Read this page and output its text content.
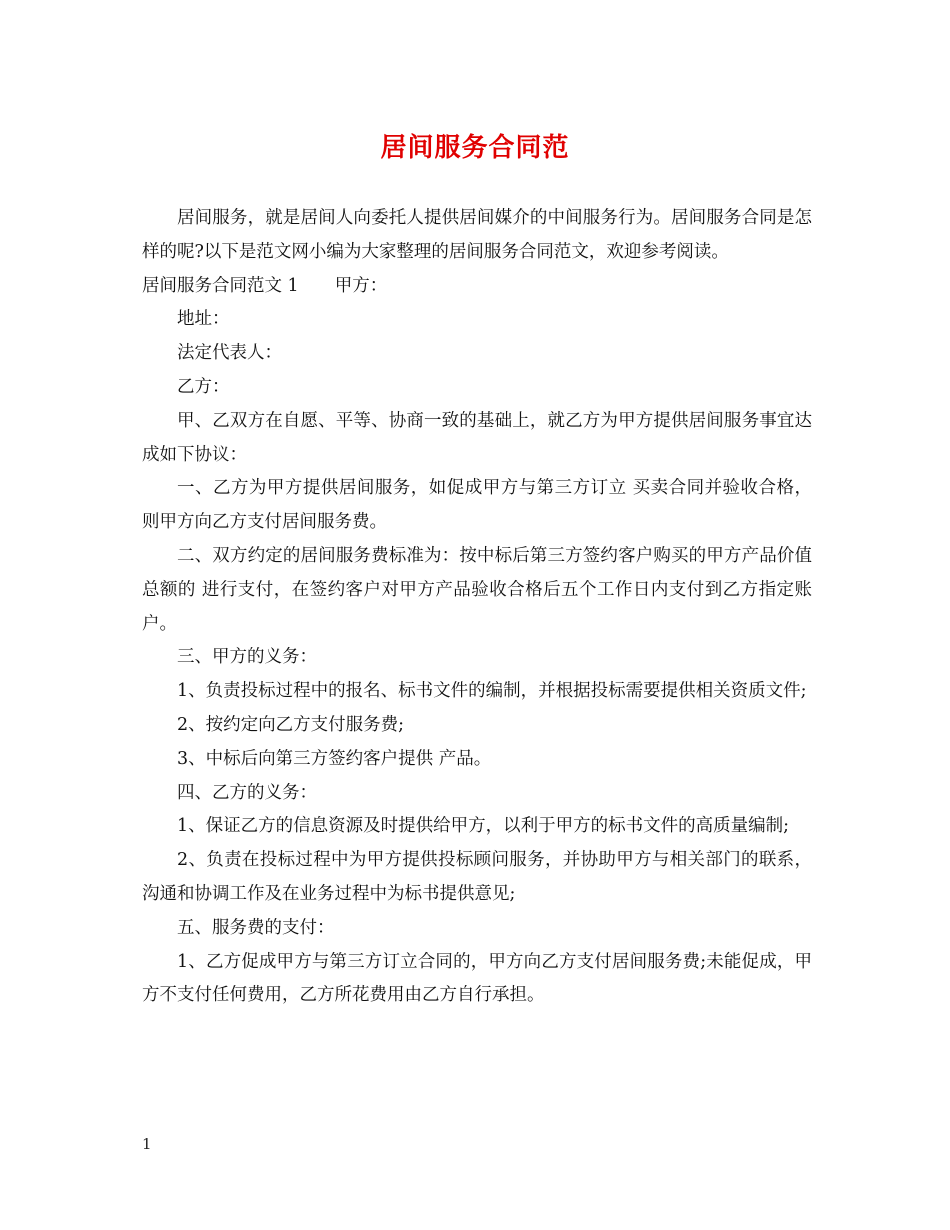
居间服务合同范

居间服务，就是居间人向委托人提供居间媒介的中间服务行为。居间服务合同是怎样的呢?以下是范文网小编为大家整理的居间服务合同范文，欢迎参考阅读。

居间服务合同范文 1 甲方：

地址：

法定代表人：

乙方：

甲、乙双方在自愿、平等、协商一致的基础上，就乙方为甲方提供居间服务事宜达成如下协议：

一、乙方为甲方提供居间服务，如促成甲方与第三方订立 买卖合同并验收合格，则甲方向乙方支付居间服务费。

二、双方约定的居间服务费标准为：按中标后第三方签约客户购买的甲方产品价值总额的 进行支付，在签约客户对甲方产品验收合格后五个工作日内支付到乙方指定账户。

三、甲方的义务：

1、负责投标过程中的报名、标书文件的编制，并根据投标需要提供相关资质文件;

2、按约定向乙方支付服务费;

3、中标后向第三方签约客户提供 产品。

四、乙方的义务：

1、保证乙方的信息资源及时提供给甲方，以利于甲方的标书文件的高质量编制;

2、负责在投标过程中为甲方提供投标顾问服务，并协助甲方与相关部门的联系，沟通和协调工作及在业务过程中为标书提供意见;

五、服务费的支付：

1、乙方促成甲方与第三方订立合同的，甲方向乙方支付居间服务费;未能促成，甲方不支付任何费用，乙方所花费用由乙方自行承担。

1
